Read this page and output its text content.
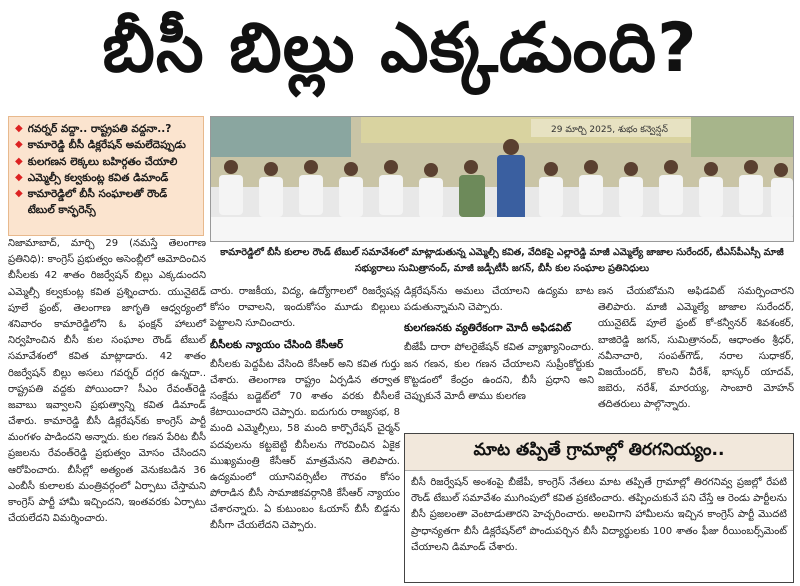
బీసీ బిల్లు ఎక్కడుంది?
◆ గవర్నర్ వద్దా.. రాష్ట్రపతి వద్దనా..?
◆ కామారెడ్డి బీసీ డిక్లరేషన్ అమలేదెప్పుడు
◆ కులగణన లెక్కలు బహిర్గతం చేయాలి
◆ ఎమ్మెల్సీ కల్వకుంట్ల కవిత డిమాండ్
◆ కామారెడ్డిలో బీసీ సంఘాలతో రౌండ్ టేబుల్ కాన్ఫరెన్స్
29 మార్చి 2025, శుభం కన్వెన్షన్
కామారెడ్డిలో బీసీ కులాల రౌండ్ టేబుల్ సమావేశంలో మాట్లాడుతున్న ఎమ్మెల్సీ కవిత, వేదికపై ఎల్లారెడ్డి మాజీ ఎమ్మెల్యే జాజాల సురేందర్, టీఎస్‌పీఎస్సీ మాజీ సభ్యురాలు సుమిత్రానంద్, మాజీ జడ్పీటీసీ జగన్, బీసీ కుల సంఘాల ప్రతినిధులు

నిజామాబాద్, మార్చి 29 (నమస్తే తెలంగాణ ప్రతినిధి): కాంగ్రెస్ ప్రభుత్వం అసెంబ్లీలో ఆమోదించిన బీసీలకు 42 శాతం రిజర్వేషన్ బిల్లు ఎక్కడుందని ఎమ్మెల్సీ కల్వకుంట్ల కవిత ప్రశ్నించారు. యునైటెడ్ పూలే ఫ్రంట్, తెలంగాణ జాగృతి ఆధ్వర్యంలో శనివారం కామారెడ్డిలోని ఓ ఫంక్షన్ హాలులో నిర్వహించిన బీసీ కుల సంఘాల రౌండ్ టేబుల్ సమావేశంలో కవిత మాట్లాడారు. 42 శాతం రిజర్వేషన్ బిల్లు అసలు గవర్నర్ దగ్గర ఉన్నదా.. రాష్ట్రపతి వద్దకు పోయిందా? సీఎం రేవంత్‌రెడ్డి జవాబు ఇవ్వాలని ప్రభుత్వాన్ని కవిత డిమాండ్ చేశారు. కామారెడ్డి బీసీ డిక్లరేషన్‌కు కాంగ్రెస్ పార్టీ మంగళం పాడిందని అన్నారు. కుల గణన పేరిట బీసీ ప్రజలను రేవంత్‌రెడ్డి ప్రభుత్వం మోసం చేసిందని ఆరోపించారు. బీసీల్లో అత్యంత వెనుకబడిన 36 ఎంబీసీ కులాలకు మంత్రివర్గంలో ఏర్పాటు చేస్తామని కాంగ్రెస్ పార్టీ హామీ ఇచ్చిందని, ఇంతవరకు ఏర్పాటు చేయలేదని విమర్శించారు.

చారు. రాజకీయ, విద్య, ఉద్యోగాలలో రిజర్వేషన్ల కోసం రావాలని, ఇందుకోసం మూడు బిల్లులు పెట్టాలని సూచించారు.

బీసీలకు న్యాయం చేసింది కేసీఆర్

బీసీలకు పెద్దపీట వేసింది కేసీఆర్ అని కవిత గుర్తు చేశారు. తెలంగాణ రాష్ట్రం ఏర్పడిన తర్వాత సంక్షేమ బడ్జెట్‌లో 70 శాతం వరకు బీసీలకే కేటాయించారని చెప్పారు. ఐదుగురు రాజ్యసభ, 8 మంది ఎమ్మెల్సీలు, 58 మంది కార్పొరేషన్ చైర్మన్ పదవులను కట్టబెట్టి బీసీలను గౌరవించిన ఏకైక ముఖ్యమంత్రి కేసీఆర్ మాత్రమేనని తెలిపారు. ఉద్యమంలో యూనివర్సిటీల గౌరవం కోసం పోరాడిన బీసీ సామాజికవర్గానికి కేసీఆర్ న్యాయం చేశారన్నారు. ఏ కుటుంబం ఓయాస్ బీసీ బిడ్డను బీసీగా చేయలేదని చెప్పారు.

డిక్లరేషన్‌ను అమలు చేయాలని ఉద్యమ బాట పడుతున్నామని చెప్పారు.

కులగణనకు వ్యతిరేకంగా మోదీ అఫిడవిట్

బీజేపీ దారా పోలరైజేషన్ కవిత వ్యాఖ్యానించారు. జన గణన, కుల గణన చేయాలని సుప్రీంకోర్టుకు కొట్టడంలో కేంద్రం ఉందని, బీసీ ప్రధాని అని చెప్పుకునే మోదీ తాము కులగణ

ణన చేయబోమని అఫిడవిట్ సమర్పించారని తెలిపారు. మాజీ ఎమ్మెల్యే జాజాల సురేందర్, యునైటెడ్ పూలే ఫ్రంట్ కో-కన్వీనర్ శివశంకర్, బాజిరెడ్డి జగన్, సుమిత్రానంద్, ఆధాంతం శ్రీధర్, నవీనాచారి, సంపత్‌గౌడ్, నరాల సుధాకర్, విజయేందర్, కొలని వీరేశ్, భాస్కర్ యాదవ్, జబెరు, నరేశ్, మారయ్య, సాంబారి మోహన్ తదితరులు పాల్గొన్నారు.

మాట తప్పితే గ్రామాల్లో తిరగనియ్యం..
బీసీ రిజర్వేషన్ అంశంపై బీజేపీ, కాంగ్రెస్ నేతలు మాట తప్పితే గ్రామాల్లో తిరగనివ్వ ప్రజల్లో రేపటి రౌండ్ టేబుల్ సమావేశం ముగింపులో కవిత ప్రకటించారు. తప్పించుకునే పని చేస్తే ఆ రెండు పార్టీలను బీసీ ప్రజలంతా వెంటాడుతారని హెచ్చరించారు. అలవిగాని హామీలను ఇచ్చిన కాంగ్రెస్ పార్టీ మొదటి ప్రాధాన్యతగా బీసీ డిక్లరేషన్‌లో పొందుపర్చిన బీసీ విద్యార్థులకు 100 శాతం ఫీజు రీయింబర్స్‌మెంట్ చేయాలని డిమాండ్ చేశారు.
